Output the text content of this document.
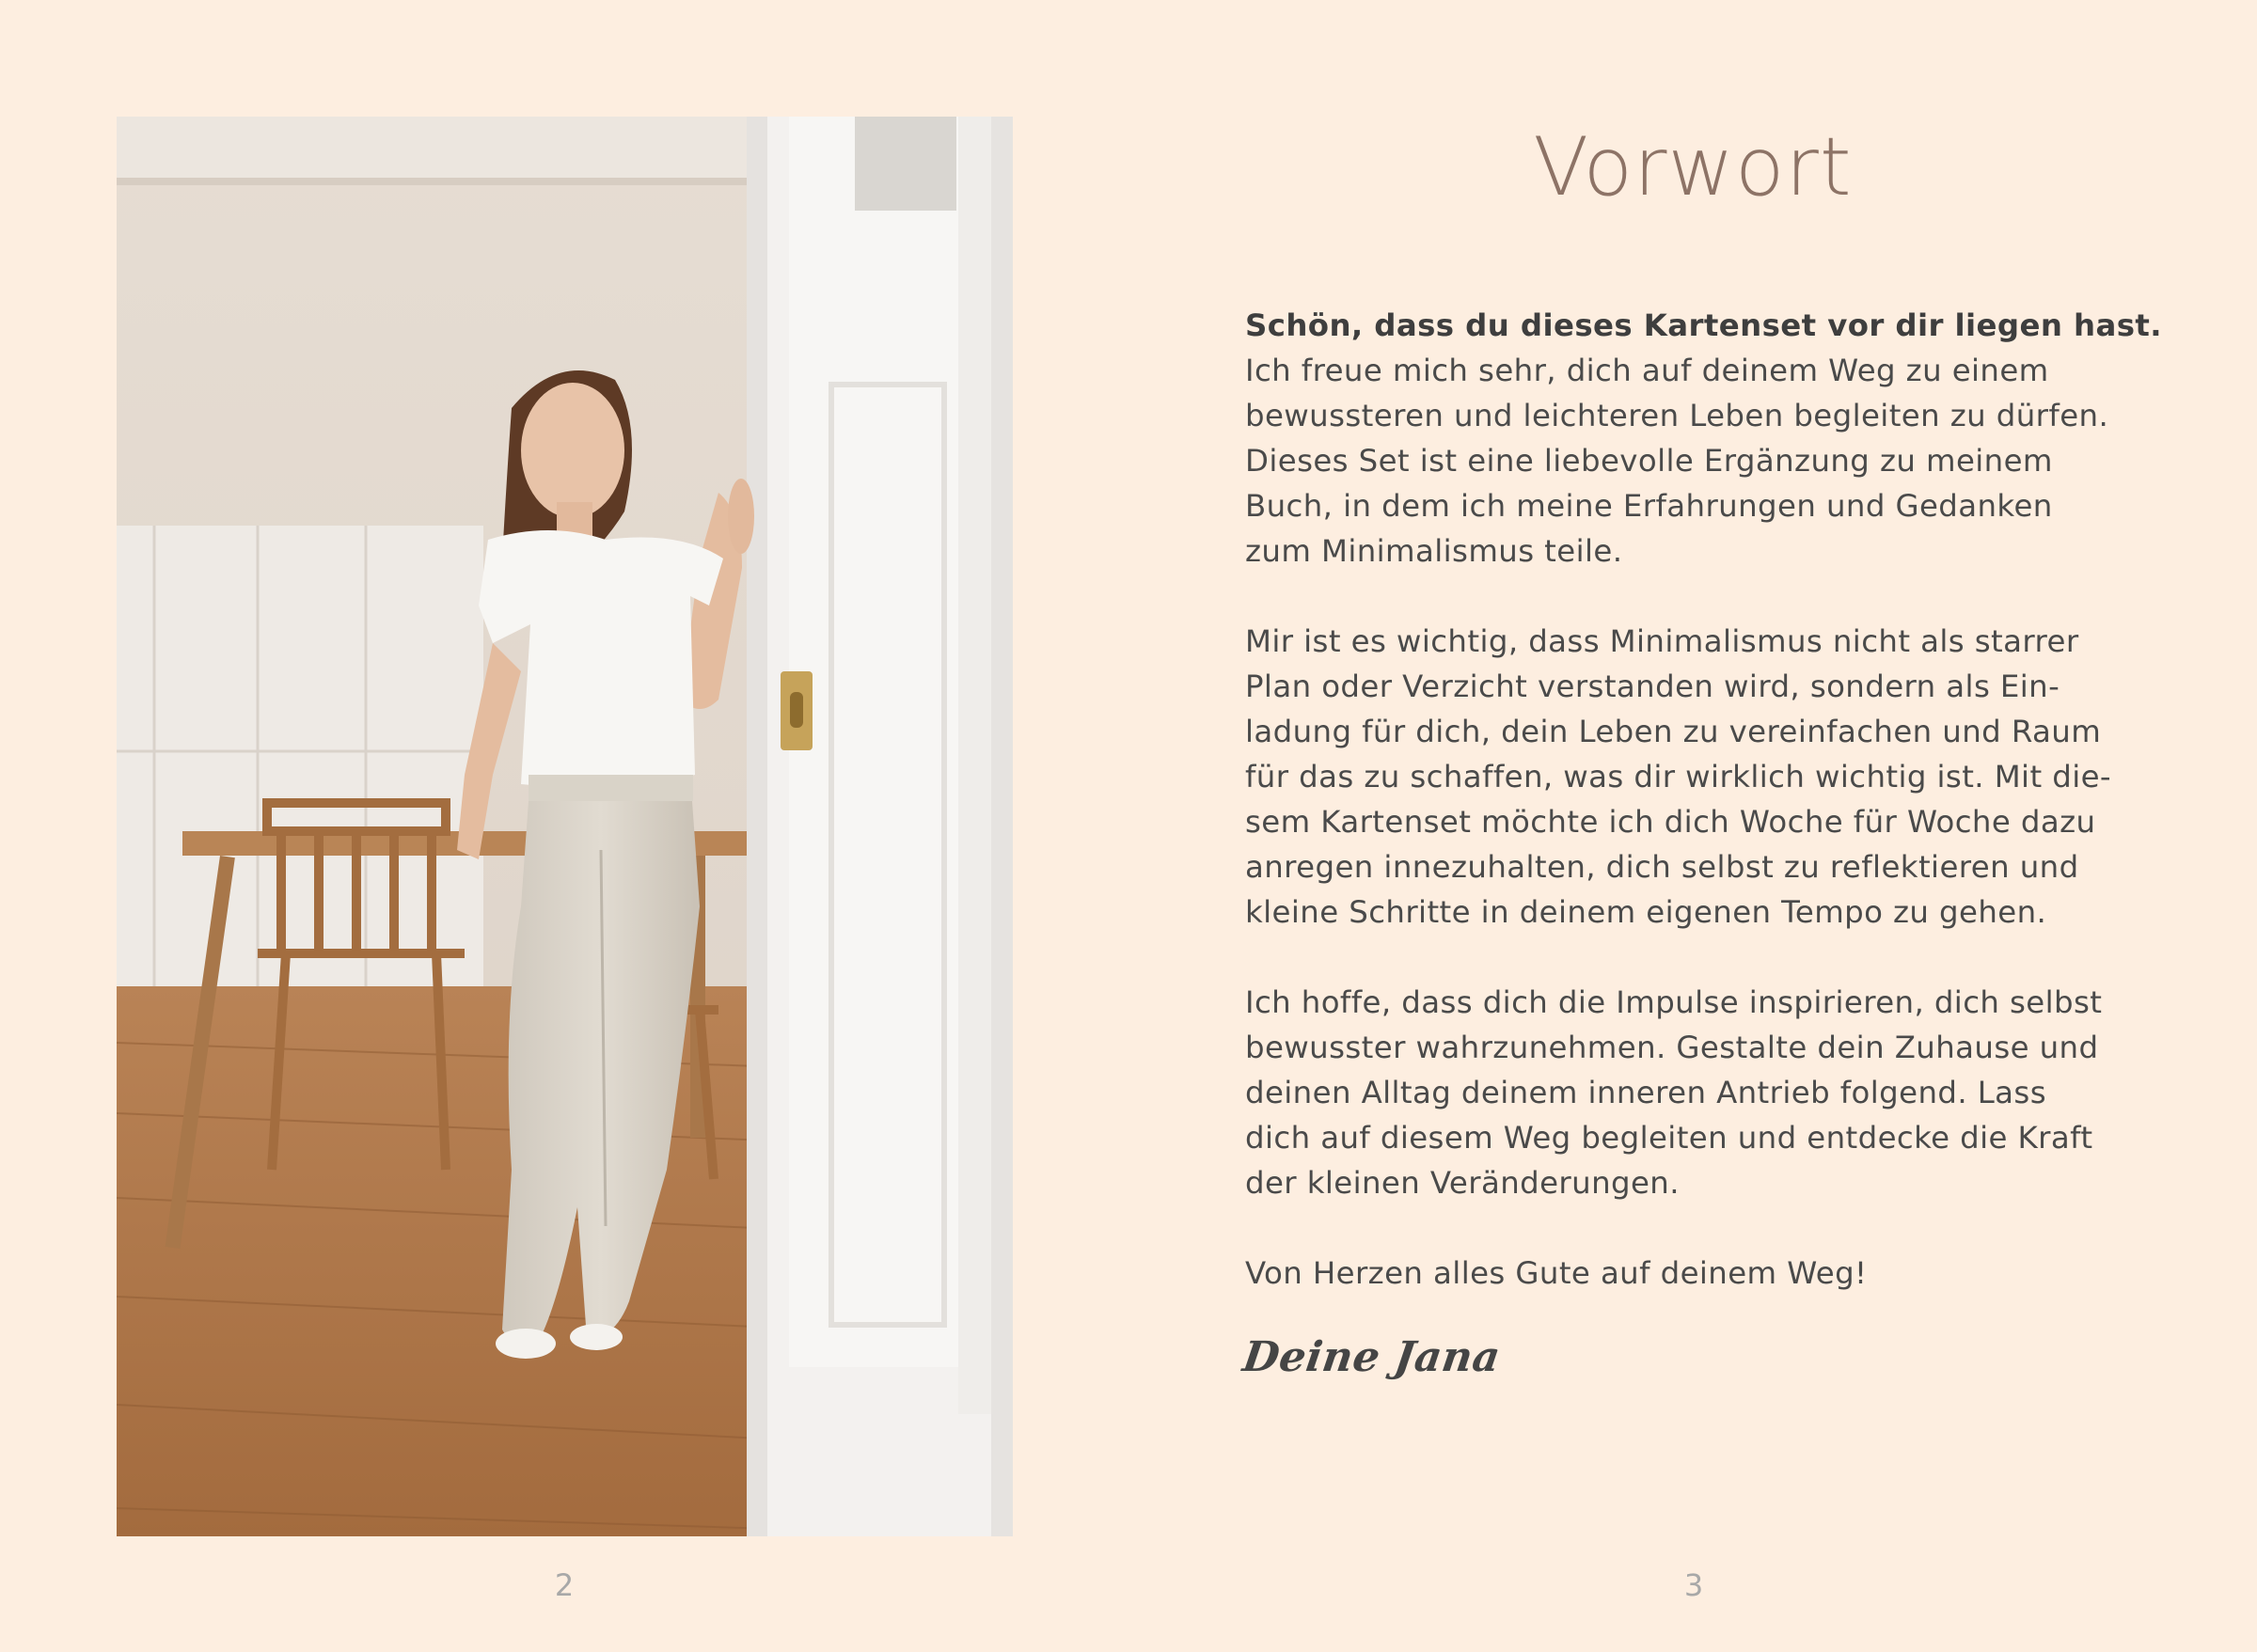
Vorwort

Schön, dass du dieses Kartenset vor dir liegen hast.
Ich freue mich sehr, dich auf deinem Weg zu einem
bewussteren und leichteren Leben begleiten zu dürfen.
Dieses Set ist eine liebevolle Ergänzung zu meinem
Buch, in dem ich meine Erfahrungen und Gedanken
zum Minimalismus teile.

Mir ist es wichtig, dass Minimalismus nicht als starrer
Plan oder Verzicht verstanden wird, sondern als Ein-
ladung für dich, dein Leben zu vereinfachen und Raum
für das zu schaffen, was dir wirklich wichtig ist. Mit die-
sem Kartenset möchte ich dich Woche für Woche dazu
anregen innezuhalten, dich selbst zu reflektieren und
kleine Schritte in deinem eigenen Tempo zu gehen.

Ich hoffe, dass dich die Impulse inspirieren, dich selbst
bewusster wahrzunehmen. Gestalte dein Zuhause und
deinen Alltag deinem inneren Antrieb folgend. Lass
dich auf diesem Weg begleiten und entdecke die Kraft
der kleinen Veränderungen.

Von Herzen alles Gute auf deinem Weg!

Deine Jana
2	3
